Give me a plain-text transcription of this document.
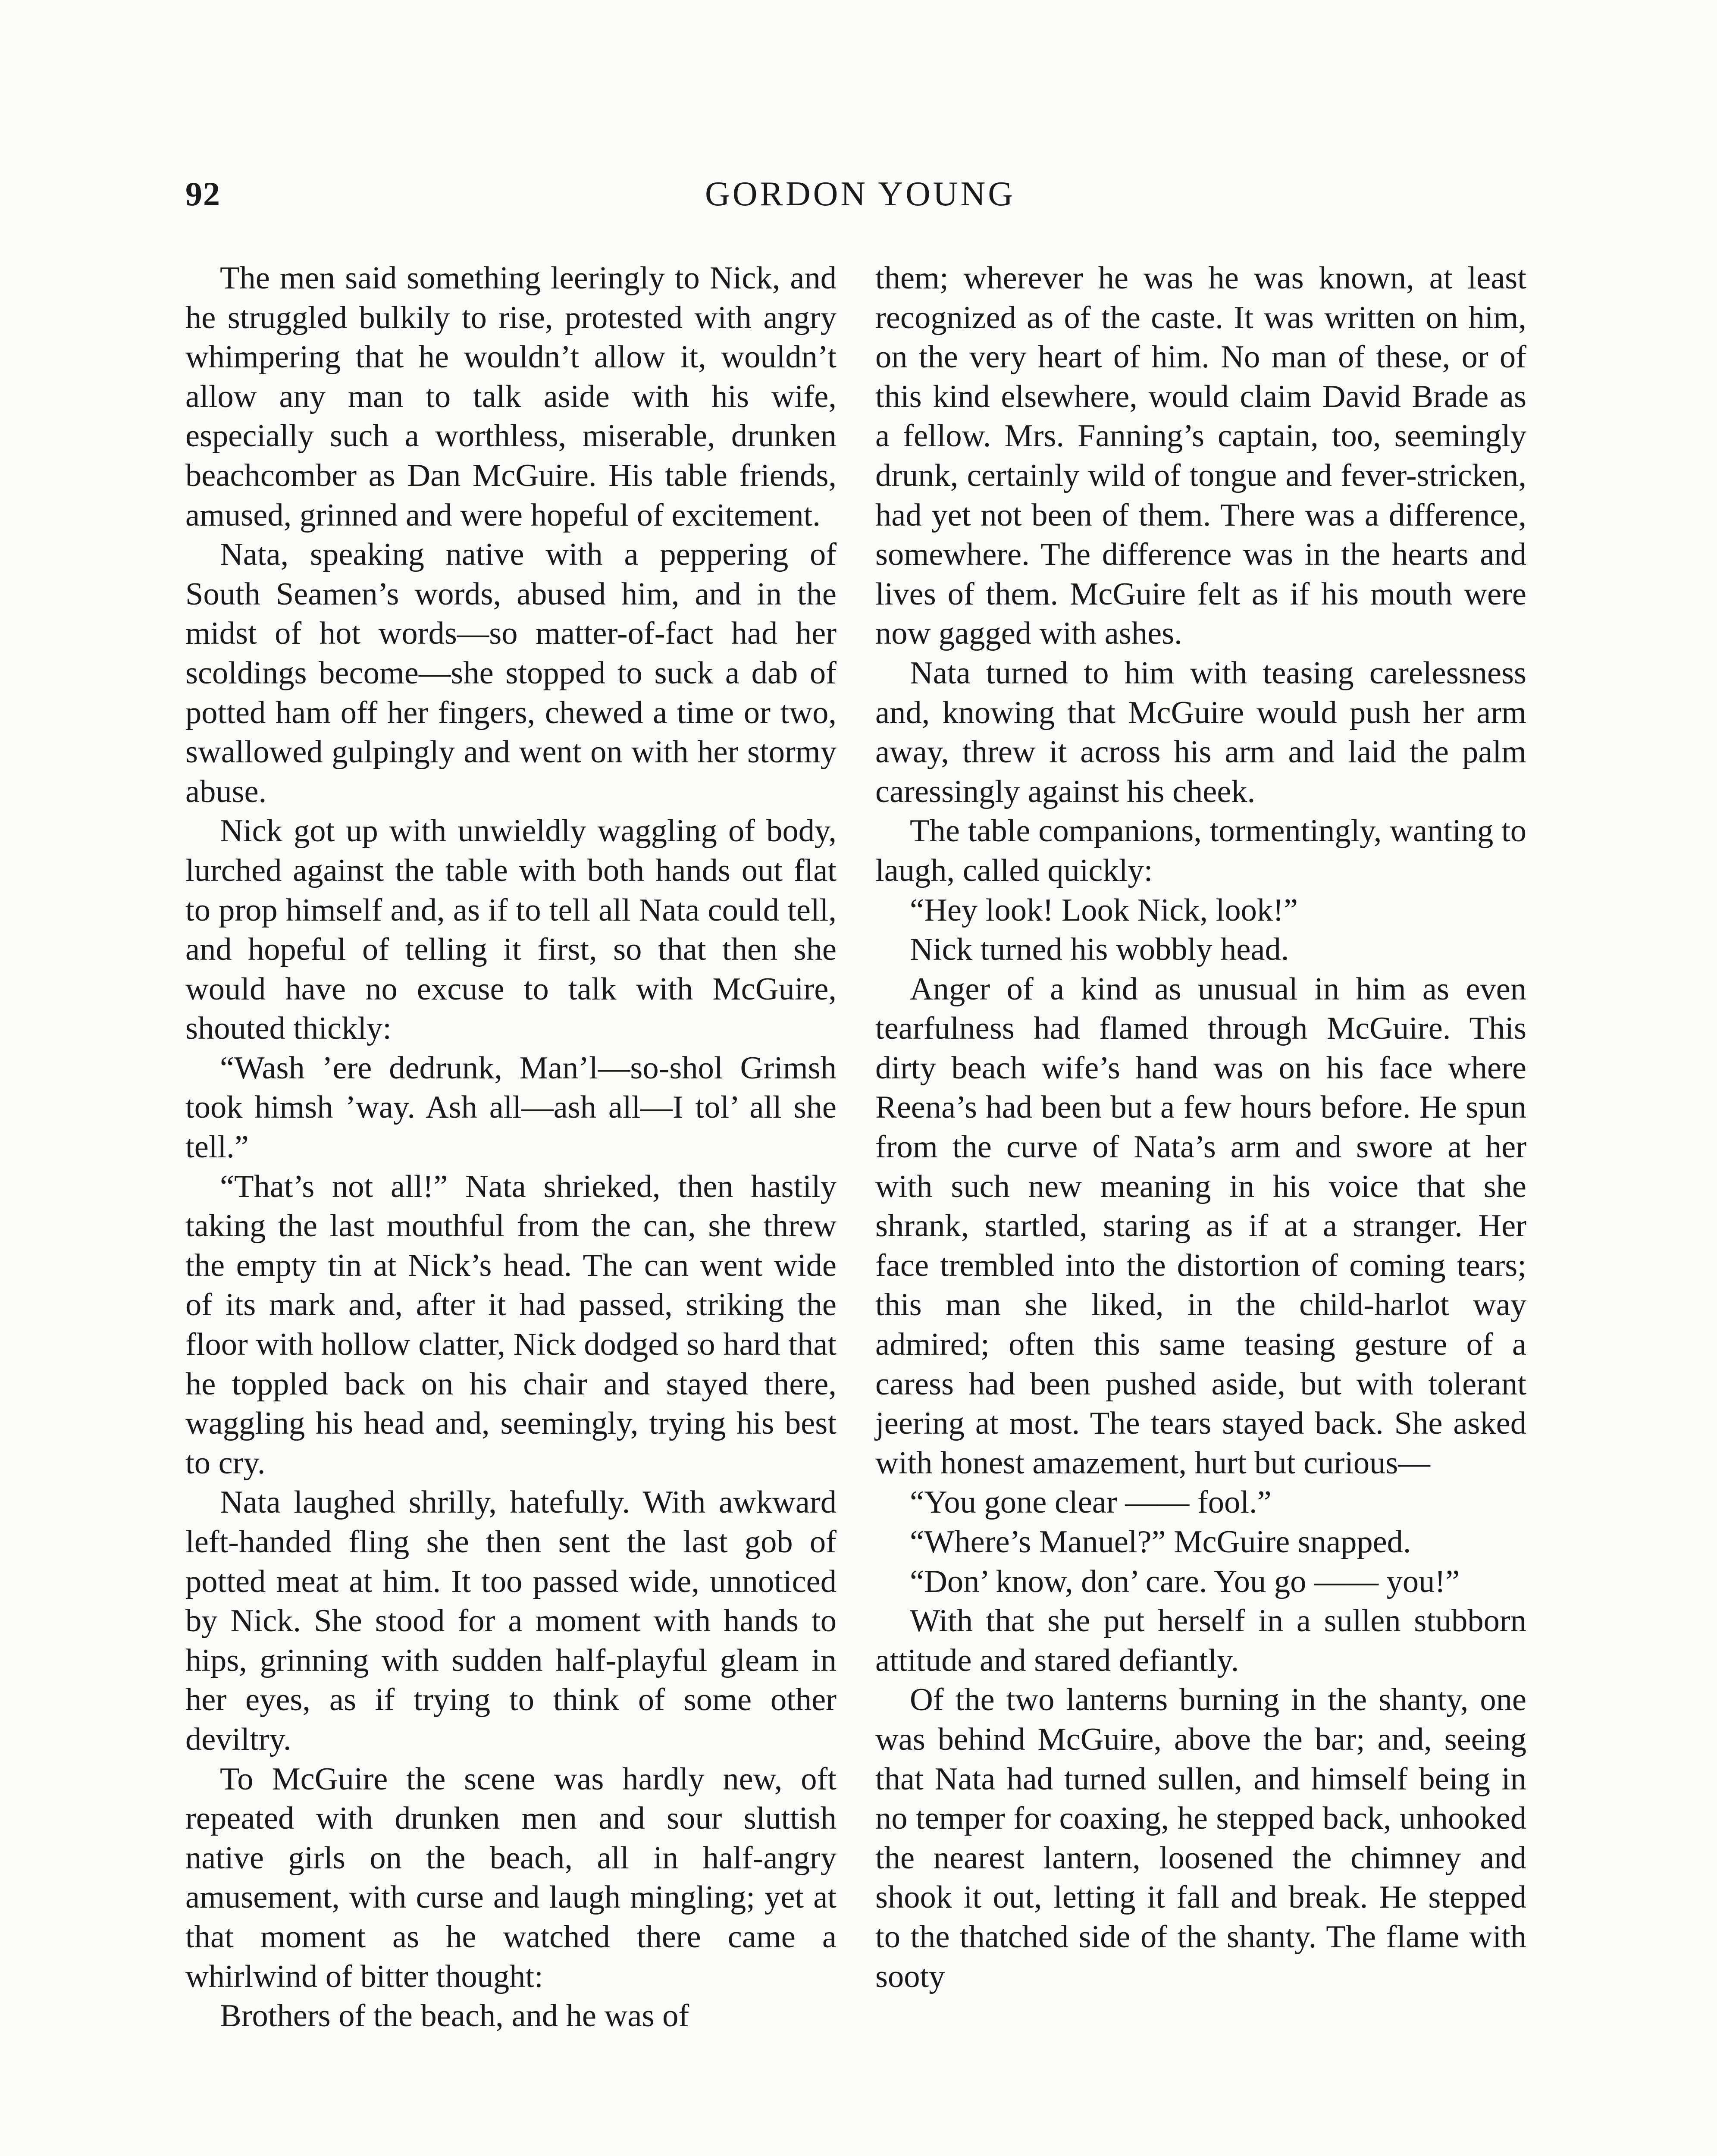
92	GORDON YOUNG

The men said something leeringly to Nick, and he struggled bulkily to rise, protested with angry whimpering that he wouldn’t allow it, wouldn’t allow any man to talk aside with his wife, especially such a worthless, miserable, drunken beachcomber as Dan McGuire. His table friends, amused, grinned and were hopeful of excitement.

Nata, speaking native with a peppering of South Seamen’s words, abused him, and in the midst of hot words—so matter-of-fact had her scoldings become—she stopped to suck a dab of potted ham off her fingers, chewed a time or two, swallowed gulpingly and went on with her stormy abuse.

Nick got up with unwieldly waggling of body, lurched against the table with both hands out flat to prop himself and, as if to tell all Nata could tell, and hopeful of telling it first, so that then she would have no excuse to talk with McGuire, shouted thickly:

“Wash ’ere dedrunk, Man’l—so-shol Grimsh took himsh ’way. Ash all—ash all—I tol’ all she tell.”

“That’s not all!” Nata shrieked, then hastily taking the last mouthful from the can, she threw the empty tin at Nick’s head. The can went wide of its mark and, after it had passed, striking the floor with hollow clatter, Nick dodged so hard that he toppled back on his chair and stayed there, waggling his head and, seemingly, trying his best to cry.

Nata laughed shrilly, hatefully. With awkward left-handed fling she then sent the last gob of potted meat at him. It too passed wide, unnoticed by Nick. She stood for a moment with hands to hips, grinning with sudden half-playful gleam in her eyes, as if trying to think of some other deviltry.

To McGuire the scene was hardly new, oft repeated with drunken men and sour sluttish native girls on the beach, all in half-angry amusement, with curse and laugh mingling; yet at that moment as he watched there came a whirlwind of bitter thought:

Brothers of the beach, and he was of

them; wherever he was he was known, at least recognized as of the caste. It was written on him, on the very heart of him. No man of these, or of this kind elsewhere, would claim David Brade as a fellow. Mrs. Fanning’s captain, too, seemingly drunk, certainly wild of tongue and fever-stricken, had yet not been of them. There was a difference, somewhere. The difference was in the hearts and lives of them. McGuire felt as if his mouth were now gagged with ashes.

Nata turned to him with teasing carelessness and, knowing that McGuire would push her arm away, threw it across his arm and laid the palm caressingly against his cheek.

The table companions, tormentingly, wanting to laugh, called quickly:

“Hey look! Look Nick, look!”

Nick turned his wobbly head.

Anger of a kind as unusual in him as even tearfulness had flamed through McGuire. This dirty beach wife’s hand was on his face where Reena’s had been but a few hours before. He spun from the curve of Nata’s arm and swore at her with such new meaning in his voice that she shrank, startled, staring as if at a stranger. Her face trembled into the distortion of coming tears; this man she liked, in the child-harlot way admired; often this same teasing gesture of a caress had been pushed aside, but with tolerant jeering at most. The tears stayed back. She asked with honest amazement, hurt but curious—

“You gone clear —— fool.”

“Where’s Manuel?” McGuire snapped.

“Don’ know, don’ care. You go —— you!”

With that she put herself in a sullen stubborn attitude and stared defiantly.

Of the two lanterns burning in the shanty, one was behind McGuire, above the bar; and, seeing that Nata had turned sullen, and himself being in no temper for coaxing, he stepped back, unhooked the nearest lantern, loosened the chimney and shook it out, letting it fall and break. He stepped to the thatched side of the shanty. The flame with sooty
